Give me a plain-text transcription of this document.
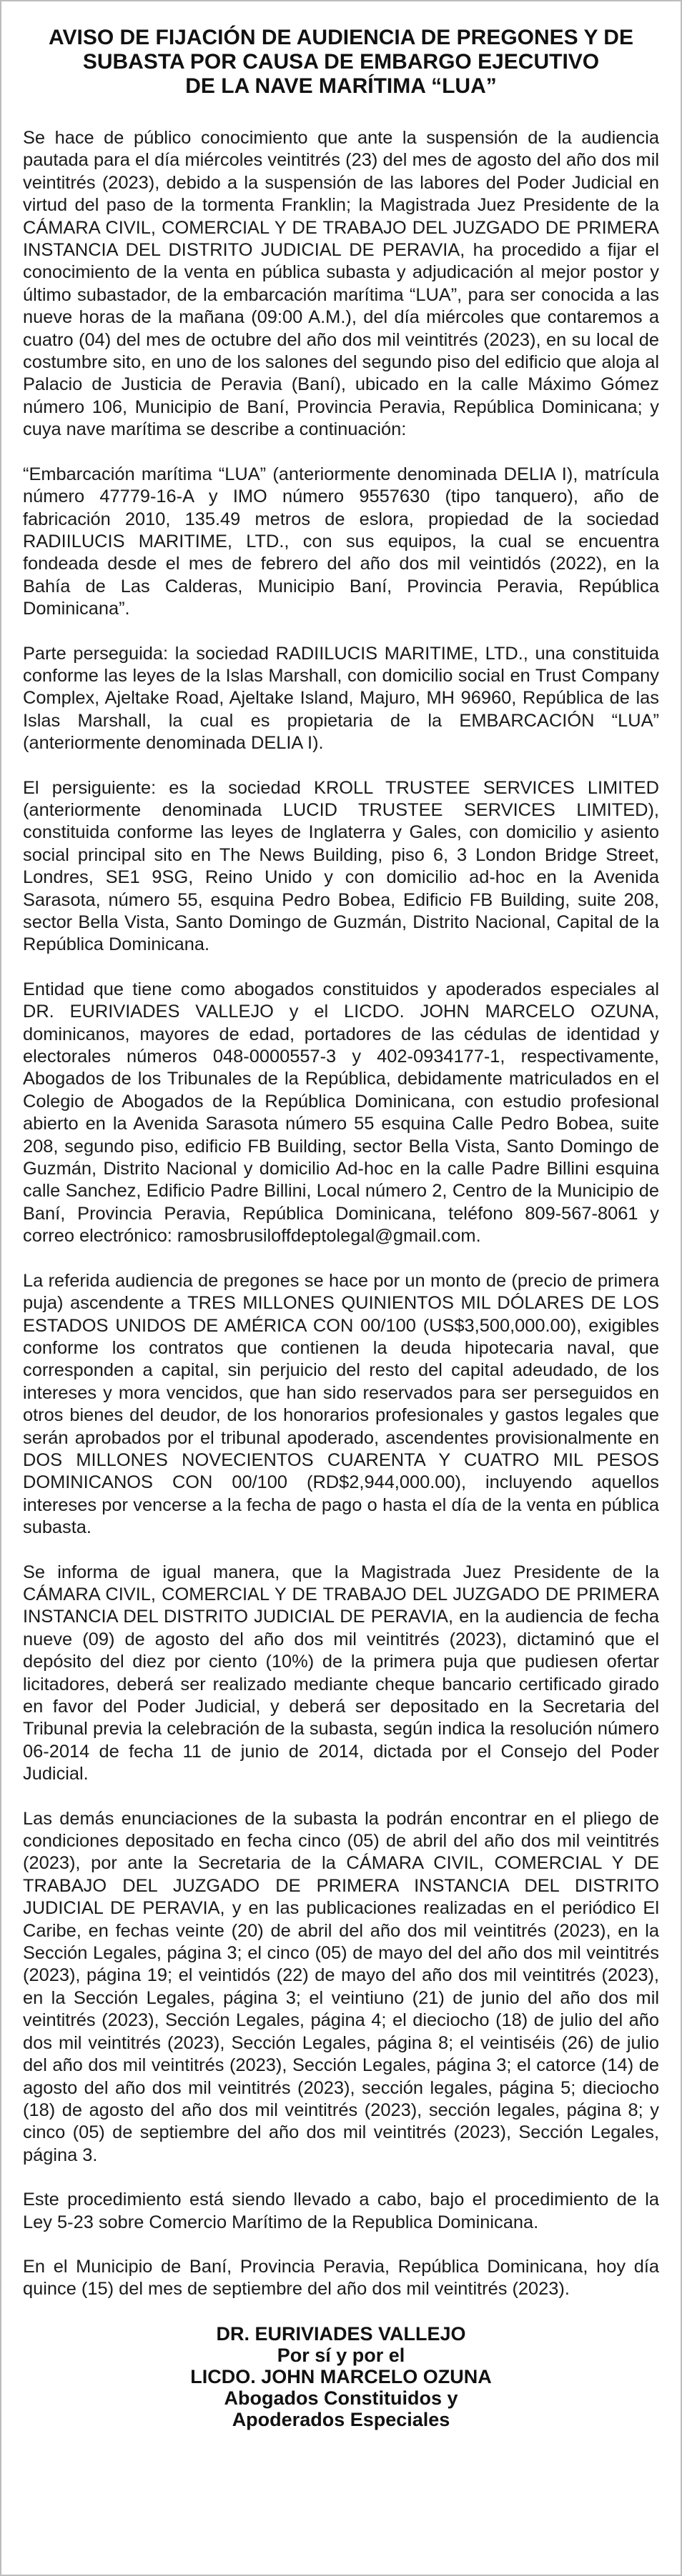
AVISO DE FIJACIÓN DE AUDIENCIA DE PREGONES Y DE
SUBASTA POR CAUSA DE EMBARGO EJECUTIVO
DE LA NAVE MARÍTIMA “LUA”

Se hace de público conocimiento que ante la suspensión de la audiencia pautada para el día miércoles veintitrés (23) del mes de agosto del año dos mil veintitrés (2023), debido a la suspensión de las labores del Poder Judicial en virtud del paso de la tormenta Franklin; la Magistrada Juez Presidente de la CÁMARA CIVIL, COMERCIAL Y DE TRABAJO DEL JUZGADO DE PRIMERA INSTANCIA DEL DISTRITO JUDICIAL DE PERAVIA, ha procedido a fijar el conocimiento de la venta en pública subasta y adjudicación al mejor postor y último subastador, de la embarcación marítima “LUA”, para ser conocida a las nueve horas de la mañana (09:00 A.M.), del día miércoles que contaremos a cuatro (04) del mes de octubre del año dos mil veintitrés (2023), en su local de costumbre sito, en uno de los salones del segundo piso del edificio que aloja al Palacio de Justicia de Peravia (Baní), ubicado en la calle Máximo Gómez número 106, Municipio de Baní, Provincia Peravia, República Dominicana; y cuya nave marítima se describe a continuación:

“Embarcación marítima “LUA” (anteriormente denominada DELIA I), matrícula número 47779-16-A y IMO número 9557630 (tipo tanquero), año de fabricación 2010, 135.49 metros de eslora, propiedad de la sociedad RADIILUCIS MARITIME, LTD., con sus equipos, la cual se encuentra fondeada desde el mes de febrero del año dos mil veintidós (2022), en la Bahía de Las Calderas, Municipio Baní, Provincia Peravia, República Dominicana”.

Parte perseguida: la sociedad RADIILUCIS MARITIME, LTD., una constituida conforme las leyes de la Islas Marshall, con domicilio social en Trust Company Complex, Ajeltake Road, Ajeltake Island, Majuro, MH 96960, República de las Islas Marshall, la cual es propietaria de la EMBARCACIÓN “LUA” (anteriormente denominada DELIA I).

El persiguiente: es la sociedad KROLL TRUSTEE SERVICES LIMITED (anteriormente denominada LUCID TRUSTEE SERVICES LIMITED), constituida conforme las leyes de Inglaterra y Gales, con domicilio y asiento social principal sito en The News Building, piso 6, 3 London Bridge Street, Londres, SE1 9SG, Reino Unido y con domicilio ad-hoc en la Avenida Sarasota, número 55, esquina Pedro Bobea, Edificio FB Building, suite 208, sector Bella Vista, Santo Domingo de Guzmán, Distrito Nacional, Capital de la República Dominicana.

Entidad que tiene como abogados constituidos y apoderados especiales al DR. EURIVIADES VALLEJO y el LICDO. JOHN MARCELO OZUNA, dominicanos, mayores de edad, portadores de las cédulas de identidad y electorales números 048-0000557-3 y 402-0934177-1, respectivamente, Abogados de los Tribunales de la República, debidamente matriculados en el Colegio de Abogados de la República Dominicana, con estudio profesional abierto en la Avenida Sarasota número 55 esquina Calle Pedro Bobea, suite 208, segundo piso, edificio FB Building, sector Bella Vista, Santo Domingo de Guzmán, Distrito Nacional y domicilio Ad-hoc en la calle Padre Billini esquina calle Sanchez, Edificio Padre Billini, Local número 2, Centro de la Municipio de Baní, Provincia Peravia, República Dominicana, teléfono 809-567-8061 y correo electrónico: ramosbrusiloffdeptolegal@gmail.com.

La referida audiencia de pregones se hace por un monto de (precio de primera puja) ascendente a TRES MILLONES QUINIENTOS MIL DÓLARES DE LOS ESTADOS UNIDOS DE AMÉRICA CON 00/100 (US$3,500,000.00), exigibles conforme los contratos que contienen la deuda hipotecaria naval, que corresponden a capital, sin perjuicio del resto del capital adeudado, de los intereses y mora vencidos, que han sido reservados para ser perseguidos en otros bienes del deudor, de los honorarios profesionales y gastos legales que serán aprobados por el tribunal apoderado, ascendentes provisionalmente en DOS MILLONES NOVECIENTOS CUARENTA Y CUATRO MIL PESOS DOMINICANOS CON 00/100 (RD$2,944,000.00), incluyendo aquellos intereses por vencerse a la fecha de pago o hasta el día de la venta en pública subasta.

Se informa de igual manera, que la Magistrada Juez Presidente de la CÁMARA CIVIL, COMERCIAL Y DE TRABAJO DEL JUZGADO DE PRIMERA INSTANCIA DEL DISTRITO JUDICIAL DE PERAVIA, en la audiencia de fecha nueve (09) de agosto del año dos mil veintitrés (2023), dictaminó que el depósito del diez por ciento (10%) de la primera puja que pudiesen ofertar licitadores, deberá ser realizado mediante cheque bancario certificado girado en favor del Poder Judicial, y deberá ser depositado en la Secretaria del Tribunal previa la celebración de la subasta, según indica la resolución número 06-2014 de fecha 11 de junio de 2014, dictada por el Consejo del Poder Judicial.

Las demás enunciaciones de la subasta la podrán encontrar en el pliego de condiciones depositado en fecha cinco (05) de abril del año dos mil veintitrés (2023), por ante la Secretaria de la CÁMARA CIVIL, COMERCIAL Y DE TRABAJO DEL JUZGADO DE PRIMERA INSTANCIA DEL DISTRITO JUDICIAL DE PERAVIA, y en las publicaciones realizadas en el periódico El Caribe, en fechas veinte (20) de abril del año dos mil veintitrés (2023), en la Sección Legales, página 3; el cinco (05) de mayo del del año dos mil veintitrés (2023), página 19; el veintidós (22) de mayo del año dos mil veintitrés (2023), en la Sección Legales, página 3; el veintiuno (21) de junio del año dos mil veintitrés (2023), Sección Legales, página 4; el dieciocho (18) de julio del año dos mil veintitrés (2023), Sección Legales, página 8; el veintiséis (26) de julio del año dos mil veintitrés (2023), Sección Legales, página 3; el catorce (14) de agosto del año dos mil veintitrés (2023), sección legales, página 5; dieciocho (18) de agosto del año dos mil veintitrés (2023), sección legales, página 8; y cinco (05) de septiembre del año dos mil veintitrés (2023), Sección Legales, página 3.

Este procedimiento está siendo llevado a cabo, bajo el procedimiento de la Ley 5-23 sobre Comercio Marítimo de la Republica Dominicana.

En el Municipio de Baní, Provincia Peravia, República Dominicana, hoy día quince (15) del mes de septiembre del año dos mil veintitrés (2023).

DR. EURIVIADES VALLEJO
Por sí y por el
LICDO. JOHN MARCELO OZUNA
Abogados Constituidos y
Apoderados Especiales
